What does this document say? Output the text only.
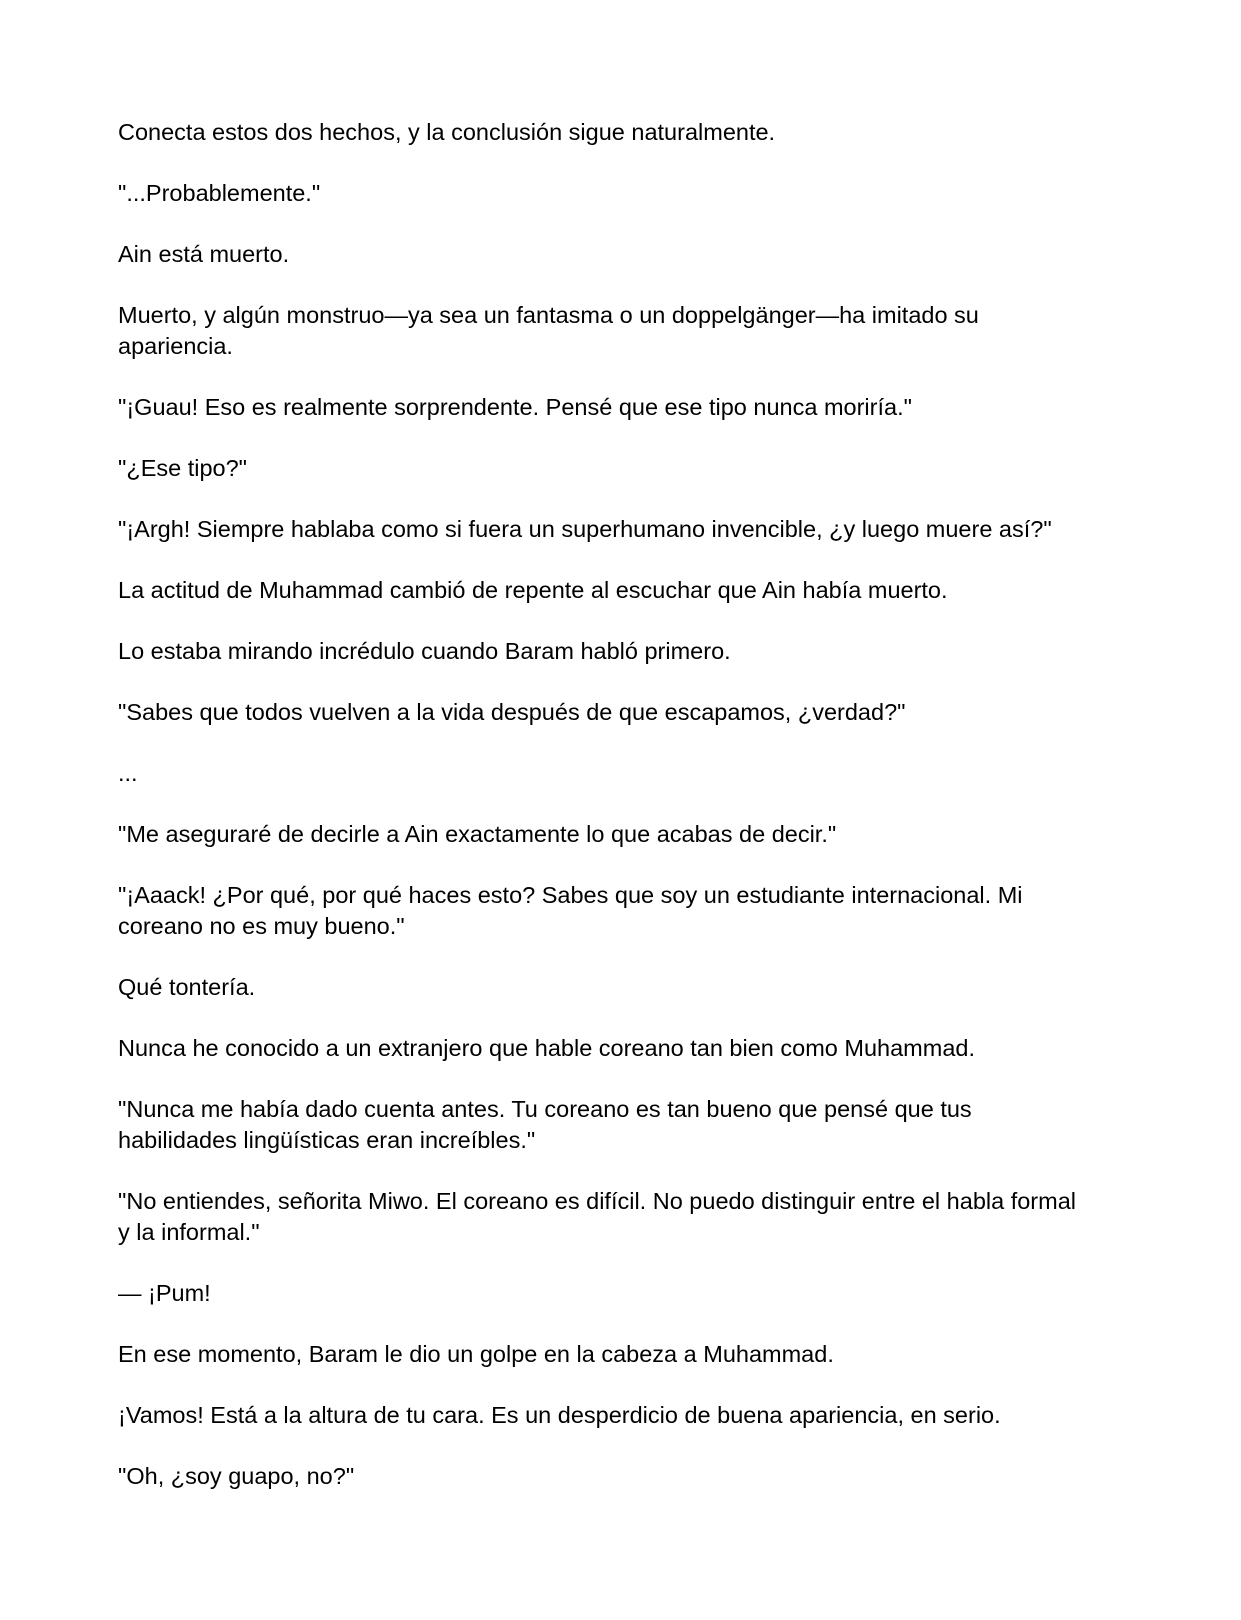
Conecta estos dos hechos, y la conclusión sigue naturalmente.

"...Probablemente."

Ain está muerto.

Muerto, y algún monstruo—ya sea un fantasma o un doppelgänger—ha imitado su apariencia.

"¡Guau! Eso es realmente sorprendente. Pensé que ese tipo nunca moriría."

"¿Ese tipo?"

"¡Argh! Siempre hablaba como si fuera un superhumano invencible, ¿y luego muere así?"

La actitud de Muhammad cambió de repente al escuchar que Ain había muerto.

Lo estaba mirando incrédulo cuando Baram habló primero.

"Sabes que todos vuelven a la vida después de que escapamos, ¿verdad?"

...

"Me aseguraré de decirle a Ain exactamente lo que acabas de decir."

"¡Aaack! ¿Por qué, por qué haces esto? Sabes que soy un estudiante internacional. Mi coreano no es muy bueno."

Qué tontería.

Nunca he conocido a un extranjero que hable coreano tan bien como Muhammad.

"Nunca me había dado cuenta antes. Tu coreano es tan bueno que pensé que tus habilidades lingüísticas eran increíbles."

"No entiendes, señorita Miwo. El coreano es difícil. No puedo distinguir entre el habla formal y la informal."

— ¡Pum!

En ese momento, Baram le dio un golpe en la cabeza a Muhammad.

¡Vamos! Está a la altura de tu cara. Es un desperdicio de buena apariencia, en serio.

"Oh, ¿soy guapo, no?"
